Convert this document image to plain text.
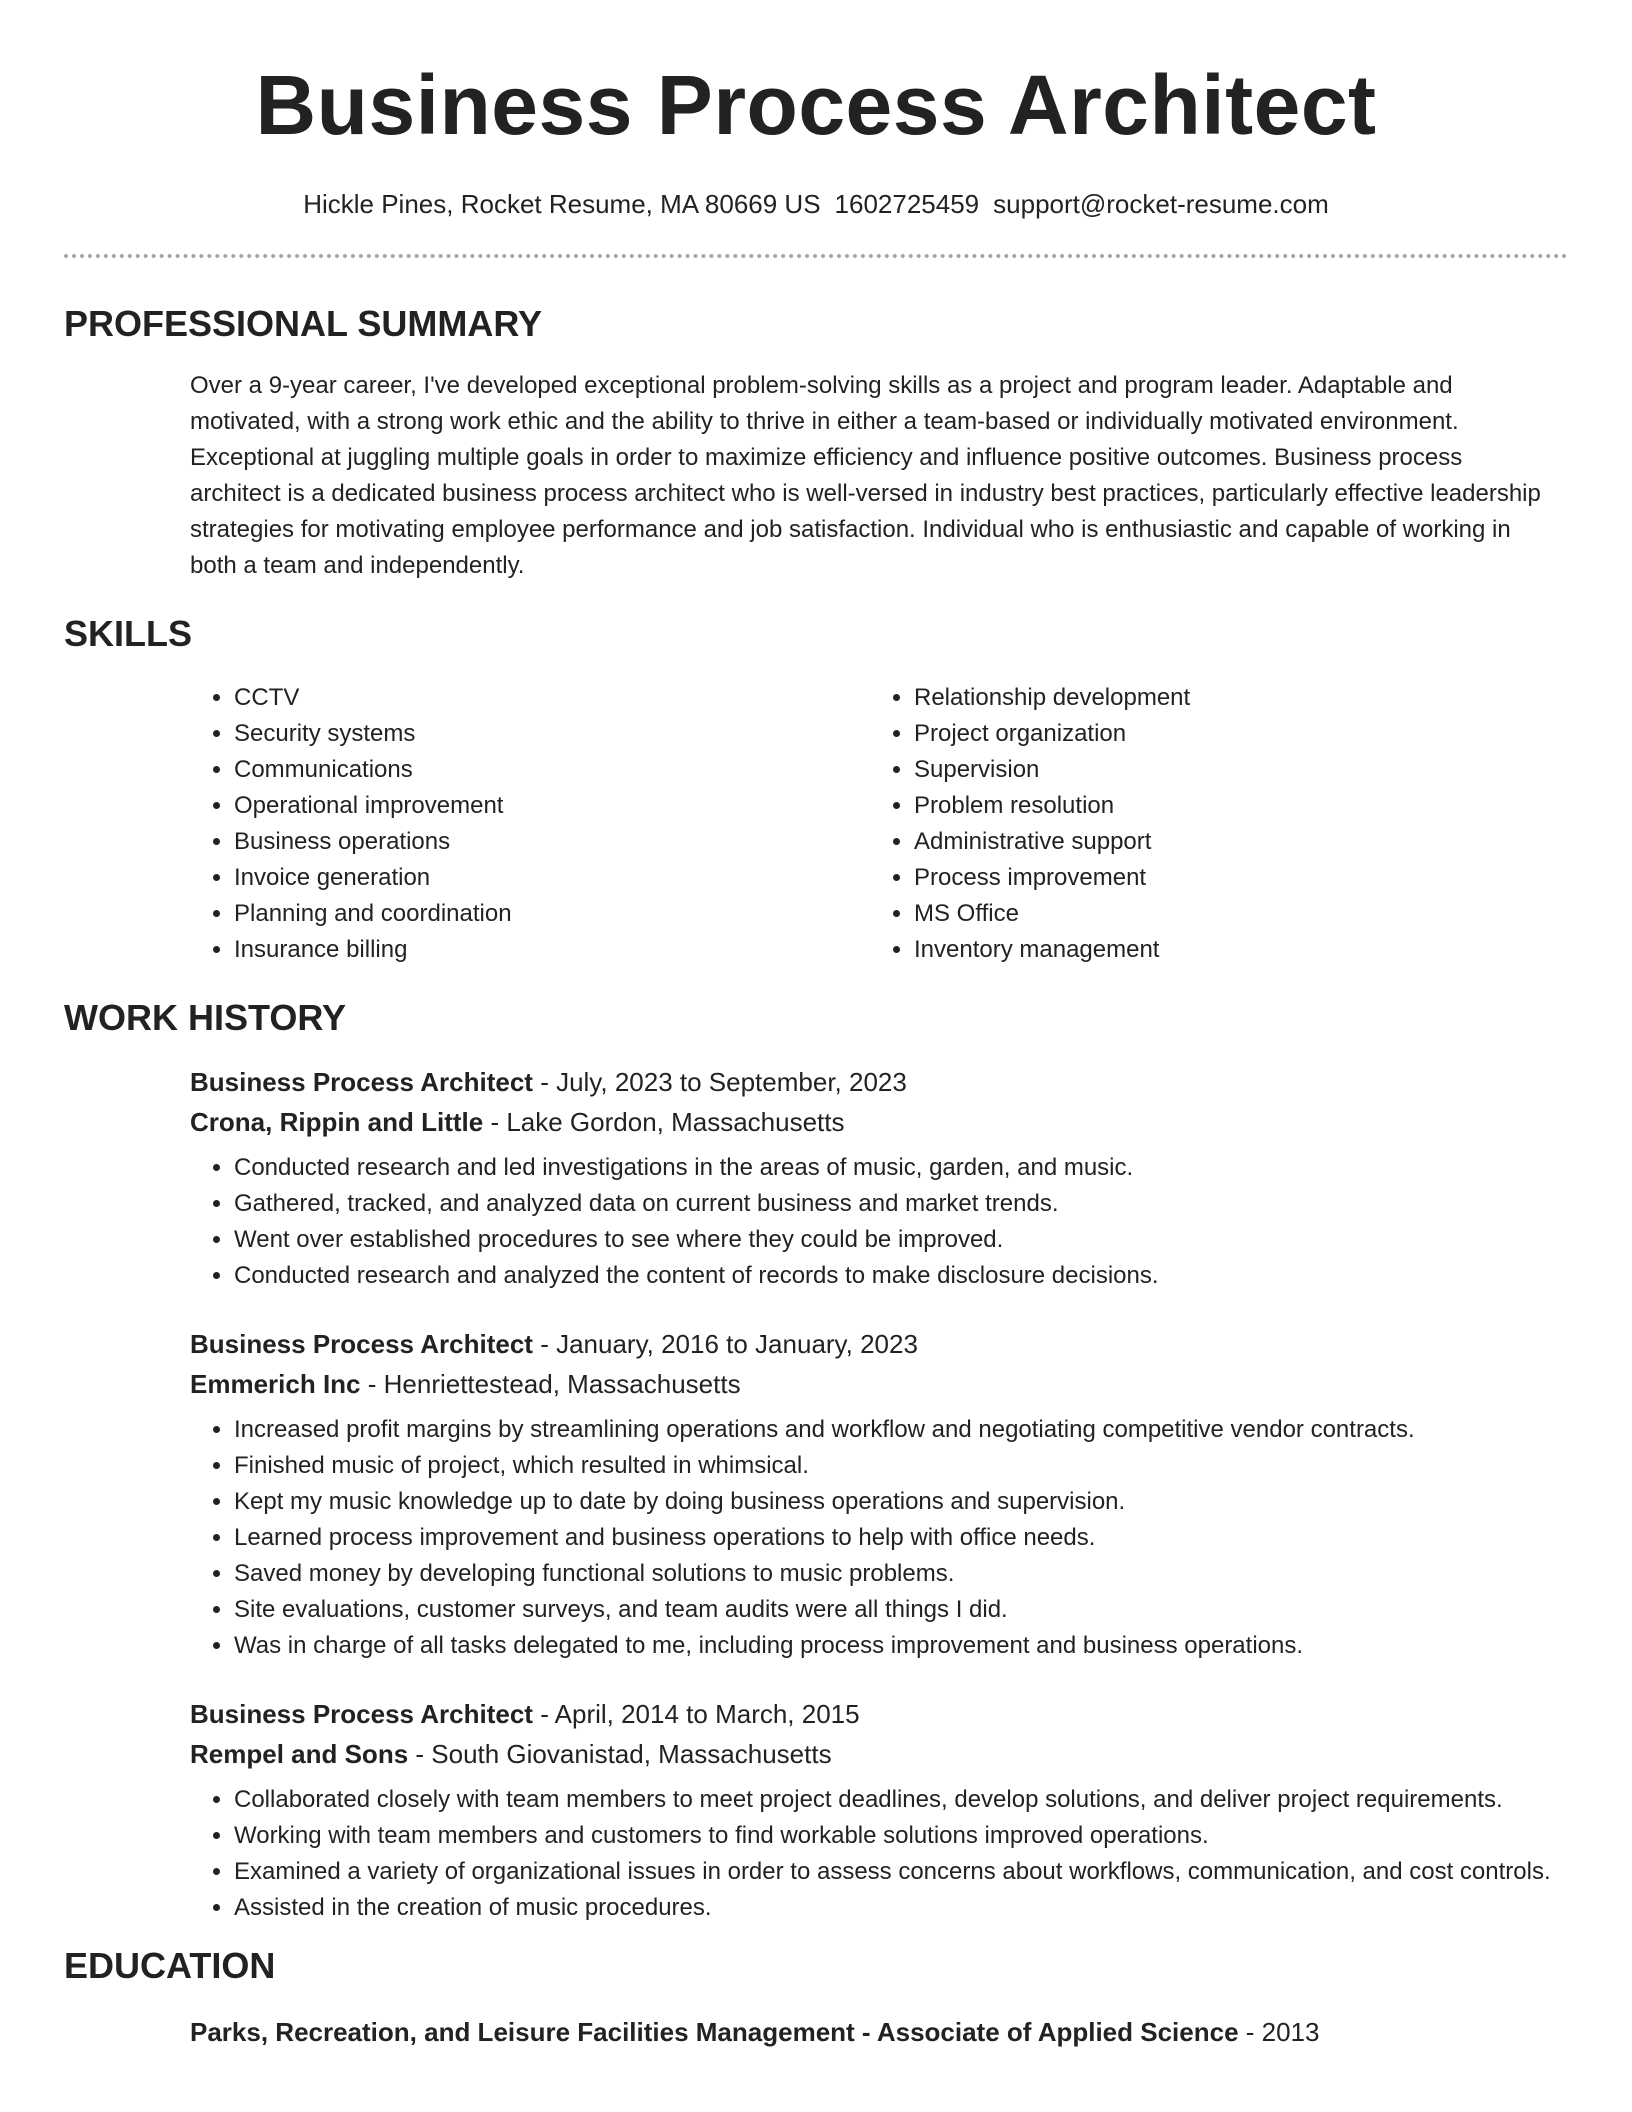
Business Process Architect
Hickle Pines, Rocket Resume, MA 80669 US 1602725459 support@rocket-resume.com
PROFESSIONAL SUMMARY

Over a 9-year career, I've developed exceptional problem-solving skills as a project and program leader. Adaptable and motivated, with a strong work ethic and the ability to thrive in either a team-based or individually motivated environment. Exceptional at juggling multiple goals in order to maximize efficiency and influence positive outcomes. Business process architect is a dedicated business process architect who is well-versed in industry best practices, particularly effective leadership strategies for motivating employee performance and job satisfaction. Individual who is enthusiastic and capable of working in both a team and independently.

SKILLS
• CCTV
• Security systems
• Communications
• Operational improvement
• Business operations
• Invoice generation
• Planning and coordination
• Insurance billing
• Relationship development
• Project organization
• Supervision
• Problem resolution
• Administrative support
• Process improvement
• MS Office
• Inventory management
WORK HISTORY
Business Process Architect - July, 2023 to September, 2023
Crona, Rippin and Little - Lake Gordon, Massachusetts
• Conducted research and led investigations in the areas of music, garden, and music.
• Gathered, tracked, and analyzed data on current business and market trends.
• Went over established procedures to see where they could be improved.
• Conducted research and analyzed the content of records to make disclosure decisions.
Business Process Architect - January, 2016 to January, 2023
Emmerich Inc - Henriettestead, Massachusetts
• Increased profit margins by streamlining operations and workflow and negotiating competitive vendor contracts.
• Finished music of project, which resulted in whimsical.
• Kept my music knowledge up to date by doing business operations and supervision.
• Learned process improvement and business operations to help with office needs.
• Saved money by developing functional solutions to music problems.
• Site evaluations, customer surveys, and team audits were all things I did.
• Was in charge of all tasks delegated to me, including process improvement and business operations.
Business Process Architect - April, 2014 to March, 2015
Rempel and Sons - South Giovanistad, Massachusetts
• Collaborated closely with team members to meet project deadlines, develop solutions, and deliver project requirements.
• Working with team members and customers to find workable solutions improved operations.
• Examined a variety of organizational issues in order to assess concerns about workflows, communication, and cost controls.
• Assisted in the creation of music procedures.
EDUCATION
Parks, Recreation, and Leisure Facilities Management - Associate of Applied Science - 2013
